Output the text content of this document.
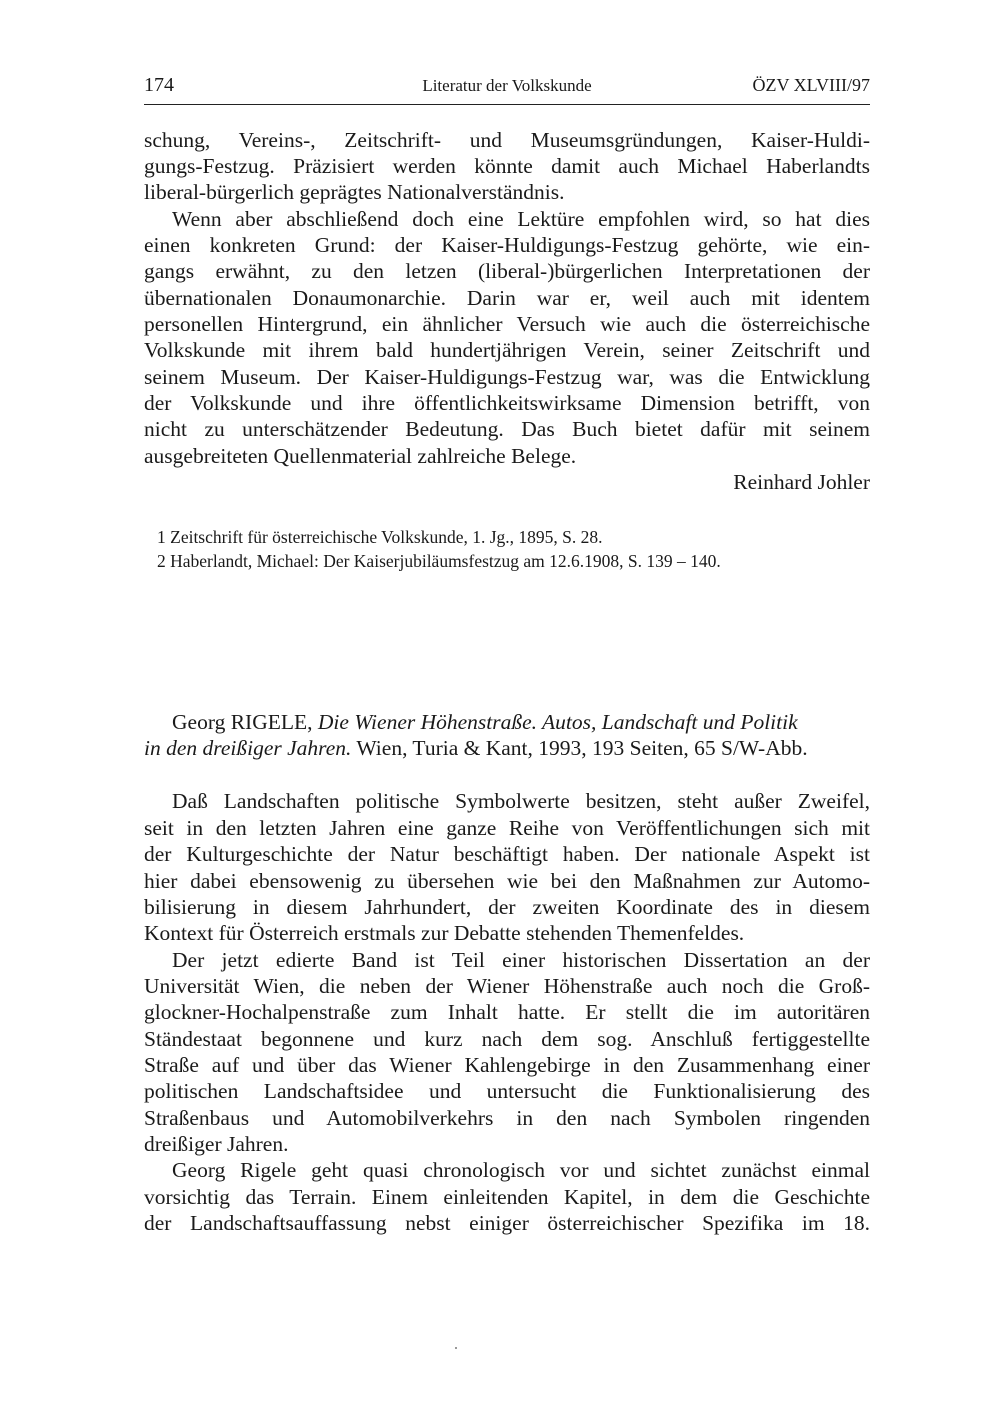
174	Literatur der Volkskunde	ÖZV XLVIII/97
schung, Vereins-, Zeitschrift- und Museumsgründungen, Kaiser-Huldi-
gungs-Festzug. Präzisiert werden könnte damit auch Michael Haberlandts
liberal-bürgerlich geprägtes Nationalverständnis.
Wenn aber abschließend doch eine Lektüre empfohlen wird, so hat dies
einen konkreten Grund: der Kaiser-Huldigungs-Festzug gehörte, wie ein-
gangs erwähnt, zu den letzen (liberal-)bürgerlichen Interpretationen der
übernationalen Donaumonarchie. Darin war er, weil auch mit identem
personellen Hintergrund, ein ähnlicher Versuch wie auch die österreichische
Volkskunde mit ihrem bald hundertjährigen Verein, seiner Zeitschrift und
seinem Museum. Der Kaiser-Huldigungs-Festzug war, was die Entwicklung
der Volkskunde und ihre öffentlichkeitswirksame Dimension betrifft, von
nicht zu unterschätzender Bedeutung. Das Buch bietet dafür mit seinem
ausgebreiteten Quellenmaterial zahlreiche Belege.
Reinhard Johler
1 Zeitschrift für österreichische Volkskunde, 1. Jg., 1895, S. 28.
2 Haberlandt, Michael: Der Kaiserjubiläumsfestzug am 12.6.1908, S. 139 – 140.
Georg RIGELE, Die Wiener Höhenstraße. Autos, Landschaft und Politik
in den dreißiger Jahren. Wien, Turia & Kant, 1993, 193 Seiten, 65 S/W-Abb.
Daß Landschaften politische Symbolwerte besitzen, steht außer Zweifel,
seit in den letzten Jahren eine ganze Reihe von Veröffentlichungen sich mit
der Kulturgeschichte der Natur beschäftigt haben. Der nationale Aspekt ist
hier dabei ebensowenig zu übersehen wie bei den Maßnahmen zur Automo-
bilisierung in diesem Jahrhundert, der zweiten Koordinate des in diesem
Kontext für Österreich erstmals zur Debatte stehenden Themenfeldes.
Der jetzt edierte Band ist Teil einer historischen Dissertation an der
Universität Wien, die neben der Wiener Höhenstraße auch noch die Groß-
glockner-Hochalpenstraße zum Inhalt hatte. Er stellt die im autoritären
Ständestaat begonnene und kurz nach dem sog. Anschluß fertiggestellte
Straße auf und über das Wiener Kahlengebirge in den Zusammenhang einer
politischen Landschaftsidee und untersucht die Funktionalisierung des
Straßenbaus und Automobilverkehrs in den nach Symbolen ringenden
dreißiger Jahren.
Georg Rigele geht quasi chronologisch vor und sichtet zunächst einmal
vorsichtig das Terrain. Einem einleitenden Kapitel, in dem die Geschichte
der Landschaftsauffassung nebst einiger österreichischer Spezifika im 18.
